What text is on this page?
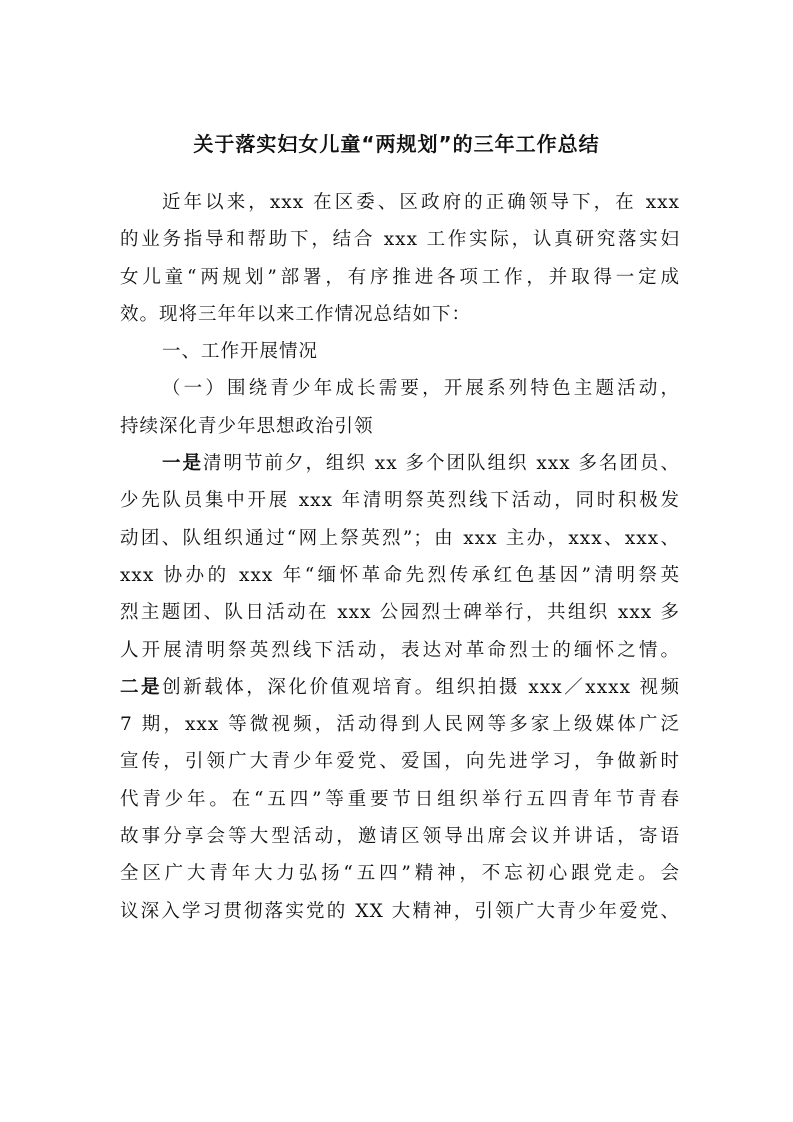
关于落实妇女儿童“两规划”的三年工作总结
近年以来，xxx 在区委、区政府的正确领导下，在 xxx
的业务指导和帮助下，结合 xxx 工作实际，认真研究落实妇
女儿童“两规划”部署，有序推进各项工作，并取得一定成
效。现将三年年以来工作情况总结如下：
一、工作开展情况
（一）围绕青少年成长需要，开展系列特色主题活动，
持续深化青少年思想政治引领
一是清明节前夕，组织 xx 多个团队组织 xxx 多名团员、
少先队员集中开展 xxx 年清明祭英烈线下活动，同时积极发
动团、队组织通过“网上祭英烈”；由 xxx 主办，xxx、xxx、
xxx 协办的 xxx 年“缅怀革命先烈传承红色基因”清明祭英
烈主题团、队日活动在 xxx 公园烈士碑举行，共组织 xxx 多
人开展清明祭英烈线下活动，表达对革命烈士的缅怀之情。
二是创新载体，深化价值观培育。组织拍摄 xxx／xxxx 视频
7 期，xxx 等微视频，活动得到人民网等多家上级媒体广泛
宣传，引领广大青少年爱党、爱国，向先进学习，争做新时
代青少年。在“五四”等重要节日组织举行五四青年节青春
故事分享会等大型活动，邀请区领导出席会议并讲话，寄语
全区广大青年大力弘扬“五四”精神，不忘初心跟党走。会
议深入学习贯彻落实党的 XX 大精神，引领广大青少年爱党、
